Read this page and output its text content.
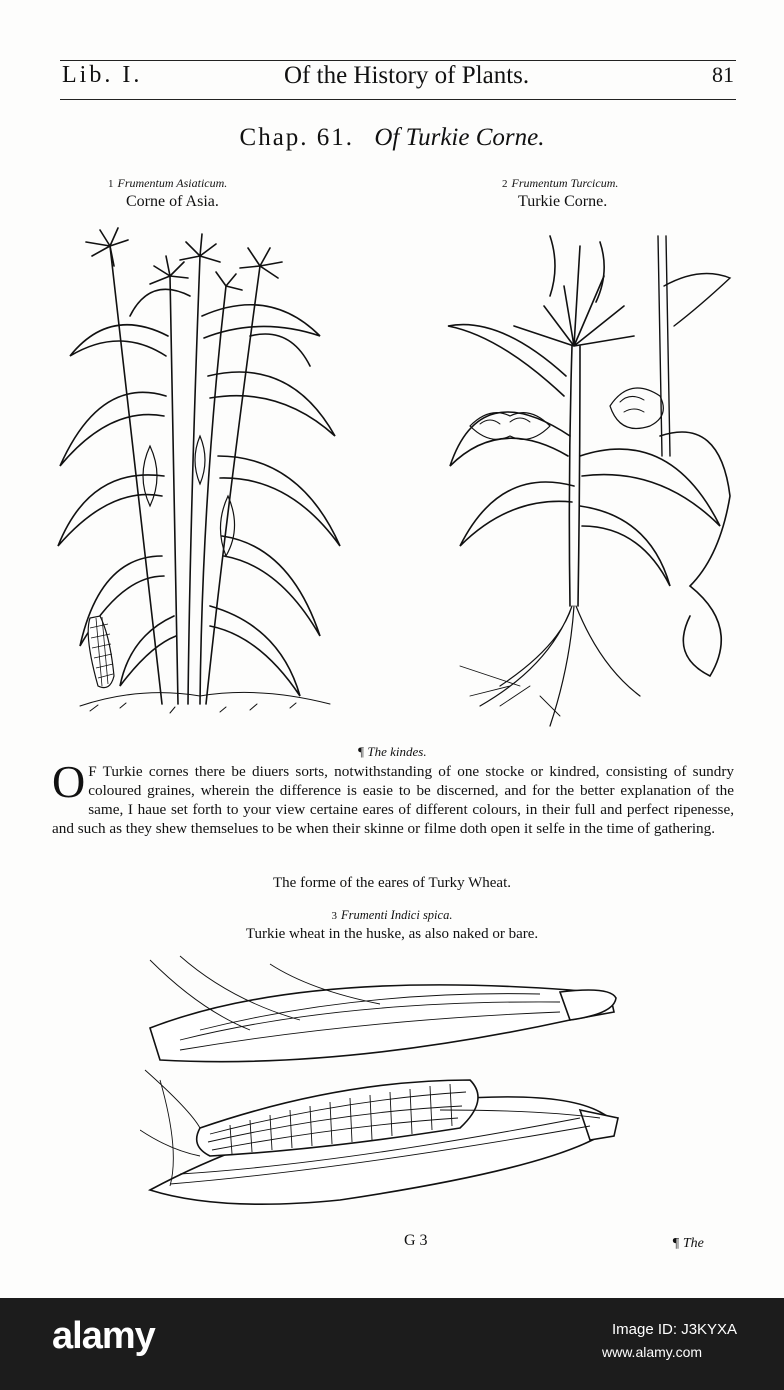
Lib. I.	Of the History of Plants.	81
Chap. 61. Of Turkie Corne.
1 Frumentum Asiaticum.
Corne of Asia.
2 Frumentum Turcicum.
Turkie Corne.
¶ The kindes.
O F Turkie cornes there be diuers sorts, notwithstanding of one stocke or kindred, consisting of sundry coloured graines, wherein the difference is easie to be discerned, and for the better explanation of the same, I haue set forth to your view certaine eares of different colours, in their full and perfect ripenesse, and such as they shew themselues to be when their skinne or filme doth open it selfe in the time of gathering.
The forme of the eares of Turky Wheat.
3 Frumenti Indici spica.
Turkie wheat in the huske, as also naked or bare.
G 3	¶ The
alamy	Image ID: J3KYXA
www.alamy.com
